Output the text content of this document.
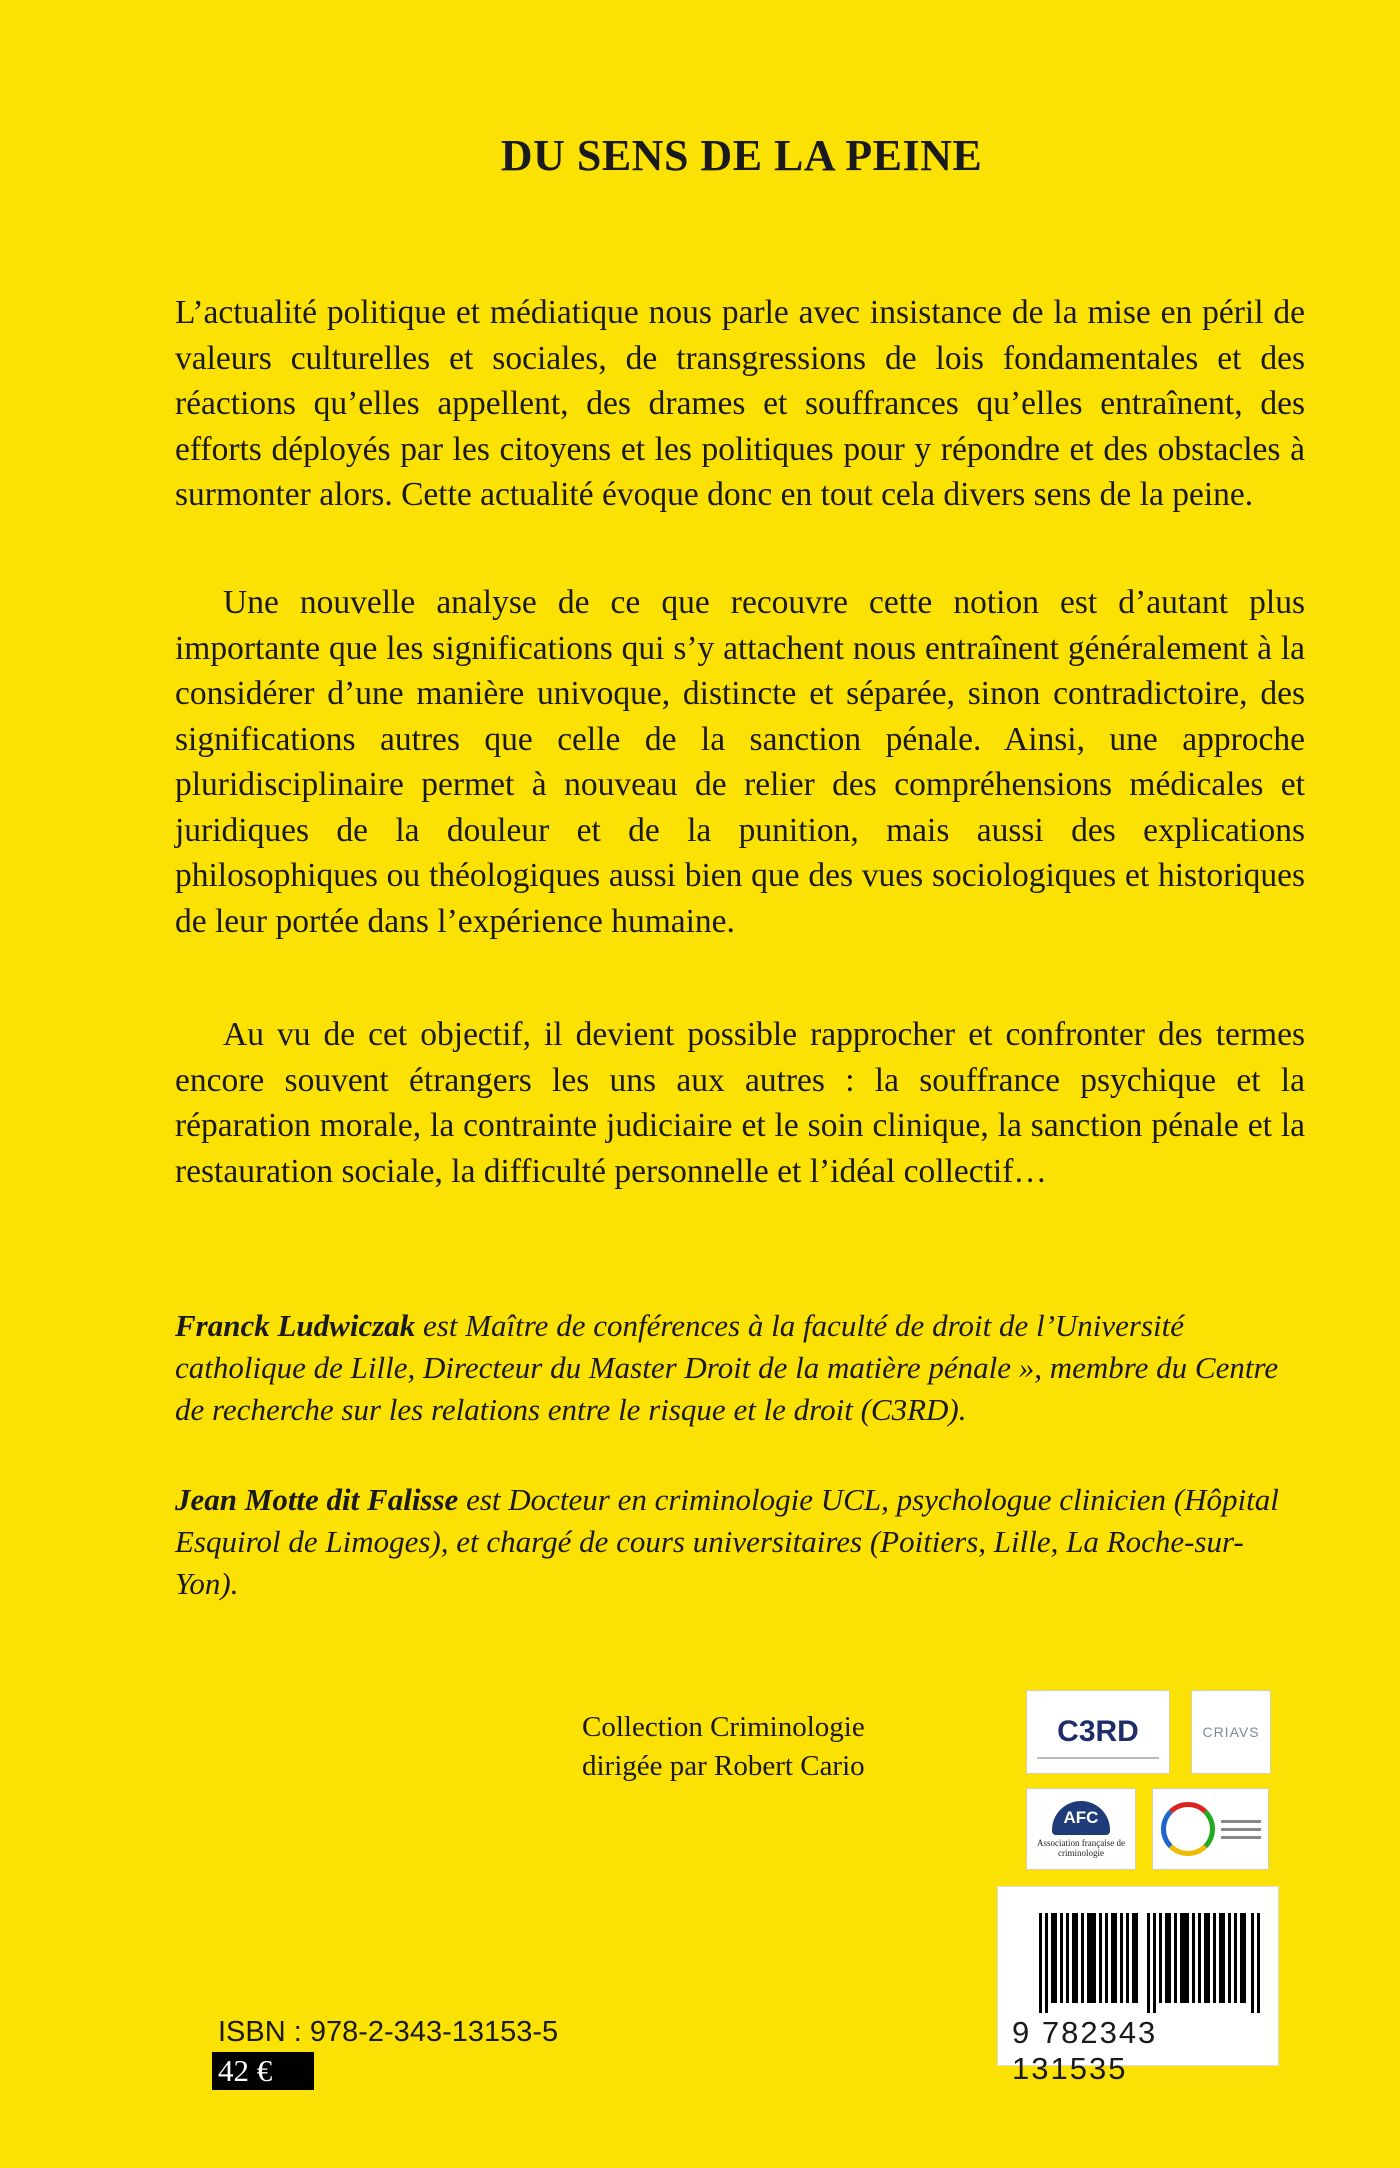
DU SENS DE LA PEINE

L’actualité politique et médiatique nous parle avec insistance de la mise en péril de valeurs culturelles et sociales, de transgressions de lois fondamentales et des réactions qu’elles appellent, des drames et souffrances qu’elles entraînent, des efforts déployés par les citoyens et les politiques pour y répondre et des obstacles à surmonter alors. Cette actualité évoque donc en tout cela divers sens de la peine.

Une nouvelle analyse de ce que recouvre cette notion est d’autant plus importante que les significations qui s’y attachent nous entraînent généralement à la considérer d’une manière univoque, distincte et séparée, sinon contradictoire, des significations autres que celle de la sanction pénale. Ainsi, une approche pluridisciplinaire permet à nouveau de relier des compréhensions médicales et juridiques de la douleur et de la punition, mais aussi des explications philosophiques ou théologiques aussi bien que des vues sociologiques et historiques de leur portée dans l’expérience humaine.

Au vu de cet objectif, il devient possible rapprocher et confronter des termes encore souvent étrangers les uns aux autres : la souffrance psychique et la réparation morale, la contrainte judiciaire et le soin clinique, la sanction pénale et la restauration sociale, la difficulté personnelle et l’idéal collectif…

Franck Ludwiczak est Maître de conférences à la faculté de droit de l’Université catholique de Lille, Directeur du Master Droit de la matière pénale », membre du Centre de recherche sur les relations entre le risque et le droit (C3RD).

Jean Motte dit Falisse est Docteur en criminologie UCL, psychologue clinicien (Hôpital Esquirol de Limoges), et chargé de cours universitaires (Poitiers, Lille, La Roche-sur-Yon).

Collection Criminologie
dirigée par Robert Cario
C3RD	CRIAVS
AFC
Association française de criminologie
9 782343 131535
ISBN : 978-2-343-13153-5
42 €
